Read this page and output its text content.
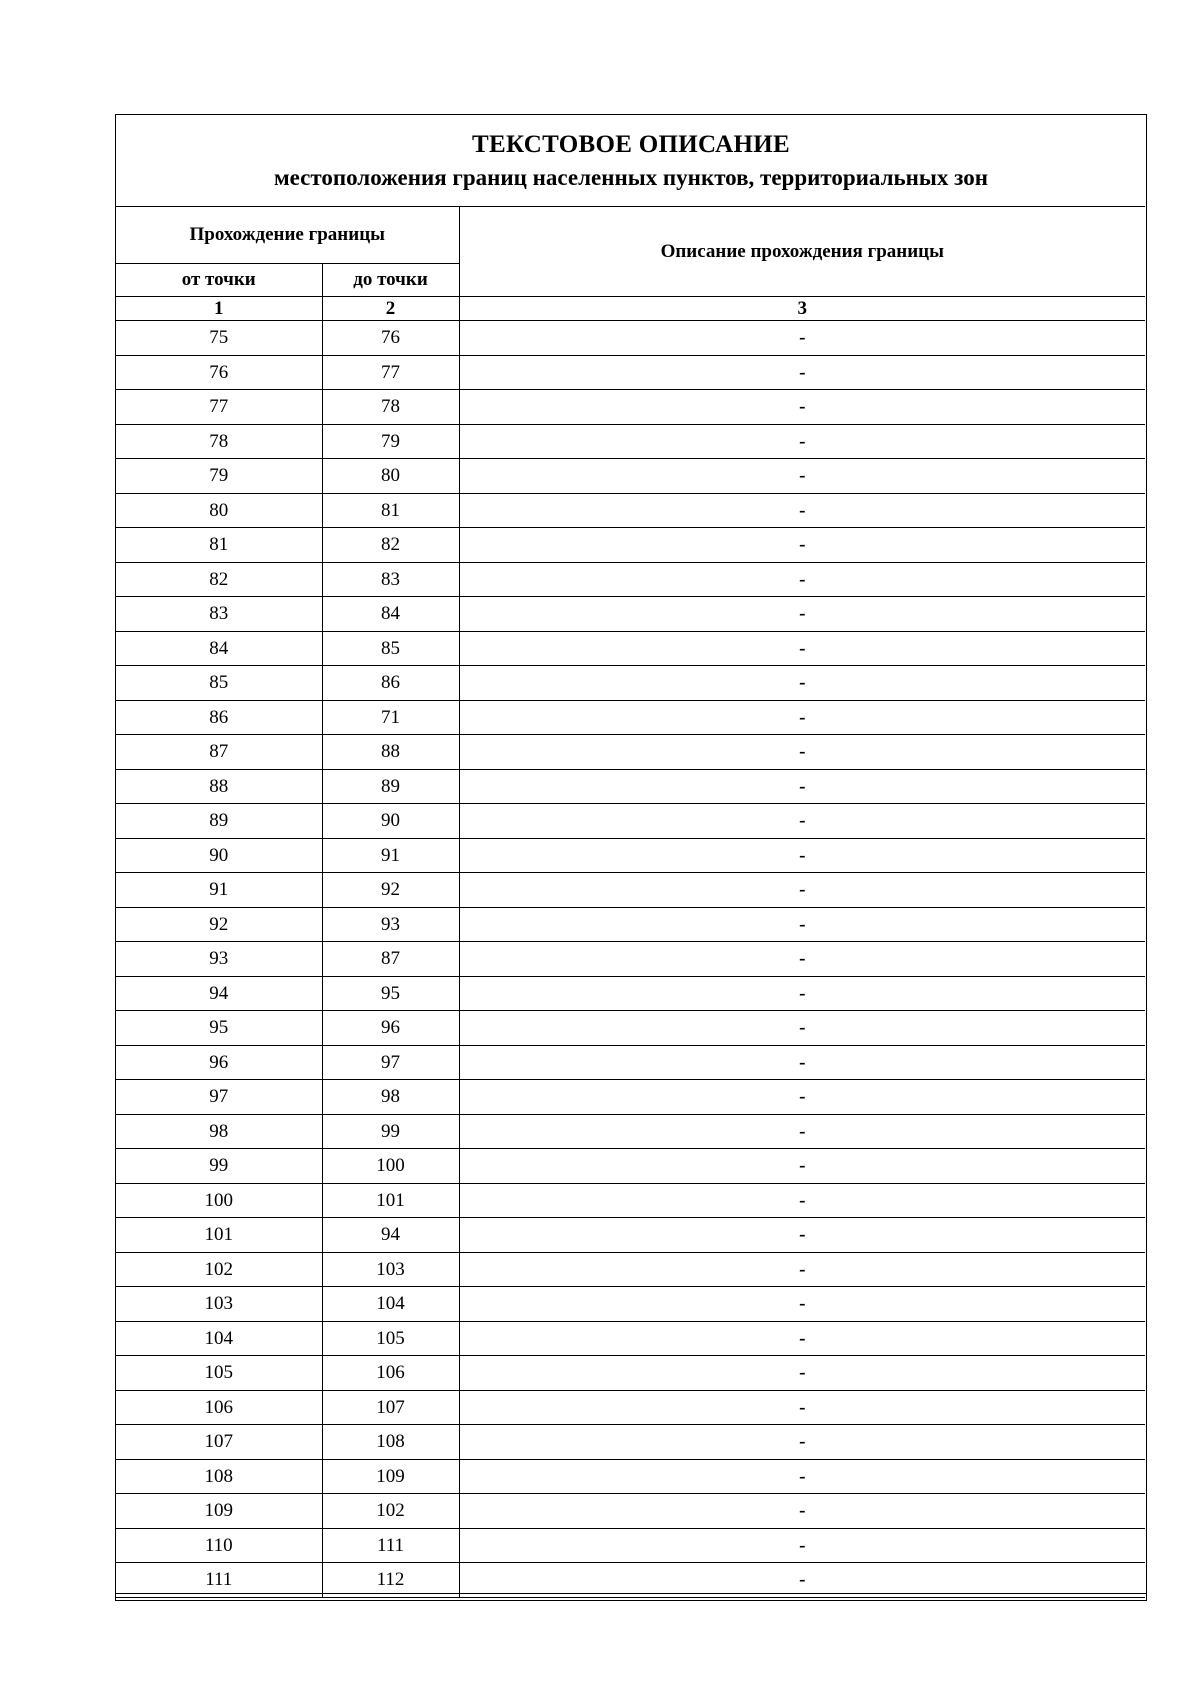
ТЕКСТОВОЕ ОПИСАНИЕ
местоположения границ населенных пунктов, территориальных зон
Прохождение границы		Описание прохождения границы
от точки	до точки	
1	2	3
75	76	-
76	77	-
77	78	-
78	79	-
79	80	-
80	81	-
81	82	-
82	83	-
83	84	-
84	85	-
85	86	-
86	71	-
87	88	-
88	89	-
89	90	-
90	91	-
91	92	-
92	93	-
93	87	-
94	95	-
95	96	-
96	97	-
97	98	-
98	99	-
99	100	-
100	101	-
101	94	-
102	103	-
103	104	-
104	105	-
105	106	-
106	107	-
107	108	-
108	109	-
109	102	-
110	111	-
111	112	-
